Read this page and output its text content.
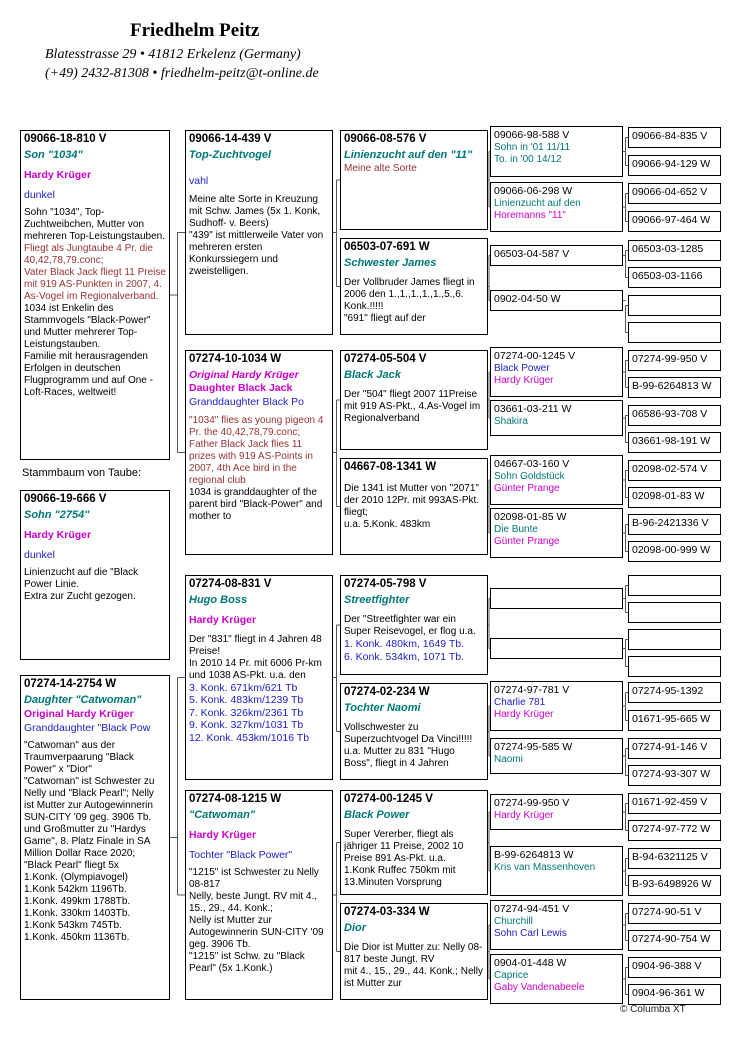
Friedhelm Peitz
Blatesstrasse 29 • 41812 Erkelenz (Germany)
(+49) 2432-81308 • friedhelm-peitz@t-online.de
09066-18-810 V
Son "1034"
Hardy Krüger
dunkel
Sohn "1034", Top-Zuchtweibchen, Mutter von mehreren Top-Leistungstauben.
Fliegt als Jungtaube 4 Pr. die 40,42,78,79.conc;
Vater Black Jack fliegt 11 Preise mit 919 AS-Punkten in 2007, 4. As-Vogel im Regionalverband.
1034 ist Enkelin des Stammvogels "Black-Power" und Mutter mehrerer Top-Leistungstauben.
Familie mit herausragenden Erfolgen in deutschen Flugprogramm und auf One -Loft-Races, weltweit!
09066-19-666 V
Sohn "2754"
Hardy Krüger
dunkel
Linienzucht auf die "Black Power Linie.
Extra zur Zucht gezogen.
07274-14-2754 W
Daughter "Catwoman"
Original Hardy Krüger
Granddaughter "Black Pow
"Catwoman" aus der Traumverpaarung "Black Power" x "Dior"
"Catwoman" ist Schwester zu Nelly und "Black Pearl"; Nelly ist Mutter zur Autogewinnerin SUN-CITY '09 geg. 3906 Tb. und Großmutter zu "Hardys Game", 8. Platz Finale in SA Million Dollar Race 2020;
"Black Pearl" fliegt 5x
1.Konk. (Olympiavogel)
1.Konk 542km 1196Tb.
1.Konk. 499km 1788Tb.
1.Konk. 330km 1403Tb.
1.Konk 543km 745Tb.
1.Konk. 450km 1136Tb.
09066-14-439 V
Top-Zuchtvogel
vahl
Meine alte Sorte in Kreuzung mit Schw. James (5x 1. Konk, Sudhoff- v. Beers)
"439" ist mittlerweile Vater von mehreren ersten Konkurssiegern und zweistelligen.
07274-10-1034 W
Original Hardy Krüger
Daughter Black Jack
Granddaughter Black Po
"1034" flies as young pigeon 4 Pr. the 40,42,78,79.conc;
Father Black Jack flies 11 prizes with 919 AS-Points in 2007, 4th Ace bird in the regional club
1034 is granddaughter of the parent bird "Black-Power" and mother to
07274-08-831 V
Hugo Boss
Hardy Krüger
Der "831" fliegt in 4 Jahren 48 Preise!
In 2010 14 Pr. mit 6006 Pr-km und 1038 AS-Pkt. u.a. den
3. Konk. 671km/621 Tb
5. Konk. 483km/1239 Tb
7. Konk. 326km/2361 Tb
9. Konk. 327km/1031 Tb
12. Konk. 453km/1016 Tb
07274-08-1215 W
"Catwoman"
Hardy Krüger
Tochter "Black Power"
"1215" ist Schwester zu Nelly 08-817
Nelly, beste Jungt. RV mit 4., 15., 29., 44. Konk.;
Nelly ist Mutter zur Autogewinnerin SUN-CITY '09 geg. 3906 Tb.
"1215" ist Schw. zu "Black Pearl" (5x 1.Konk.)
09066-08-576 V
Linienzucht auf den "11"
Meine alte Sorte
06503-07-691 W
Schwester James
Der Vollbruder James fliegt in 2006 den 1.,1.,1.,1.,1.,5.,6. Konk.!!!!!
"691" fliegt auf der
07274-05-504 V
Black Jack
Der "504" fliegt 2007 11Preise mit 919 AS-Pkt., 4.As-Vogel im Regionalverband
04667-08-1341 W
Die 1341 ist Mutter von "2071" der 2010 12Pr. mit 993AS-Pkt. fliegt;
u.a. 5.Konk. 483km
07274-05-798 V
Streetfighter
Der "Streetfighter war ein Super Reisevogel, er flog u.a.
1. Konk. 480km, 1649 Tb.
6. Konk. 534km, 1071 Tb.
07274-02-234 W
Tochter Naomi
Vollschwester zu Superzuchtvogel Da Vinci!!!!!
u.a. Mutter zu 831 "Hugo Boss", fliegt in 4 Jahren
07274-00-1245 V
Black Power
Super Vererber, fliegt als jähriger 11 Preise, 2002 10 Preise 891 As-Pkt. u.a.
1.Konk Ruffec 750km mit 13.Minuten Vorsprung
07274-03-334 W
Dior
Die Dior ist Mutter zu: Nelly 08-817 beste Jungt. RV
mit 4., 15., 29., 44. Konk.; Nelly ist Mutter zur
09066-98-588 V
Sohn in '01 11/11
To. in '00 14/12
09066-06-298 W
Linienzucht auf den
Horemanns "11"
06503-04-587 V
0902-04-50 W
07274-00-1245 V
Black Power
Hardy Krüger
03661-03-211 W
Shakira
04667-03-160 V
Sohn Goldstück
Günter Prange
02098-01-85 W
Die Bunte
Günter Prange
07274-97-781 V
Charlie 781
Hardy Krüger
07274-95-585 W
Naomi
07274-99-950 V
Hardy Krüger
B-99-6264813 W
Kris van Massenhoven
07274-94-451 V
Churchill
Sohn Carl Lewis
0904-01-448 W
Caprice
Gaby Vandenabeele
09066-84-835 V
09066-94-129 W
09066-04-652 V
09066-97-464 W
06503-03-1285
06503-03-1166
07274-99-950 V
B-99-6264813 W
06586-93-708 V
03661-98-191 W
02098-02-574 V
02098-01-83 W
B-96-2421336 V
02098-00-999 W
07274-95-1392
01671-95-665 W
07274-91-146 V
07274-93-307 W
01671-92-459 V
07274-97-772 W
B-94-6321125 V
B-93-6498926 W
07274-90-51 V
07274-90-754 W
0904-96-388 V
0904-96-361 W
Stammbaum von Taube:
© Columba XT
